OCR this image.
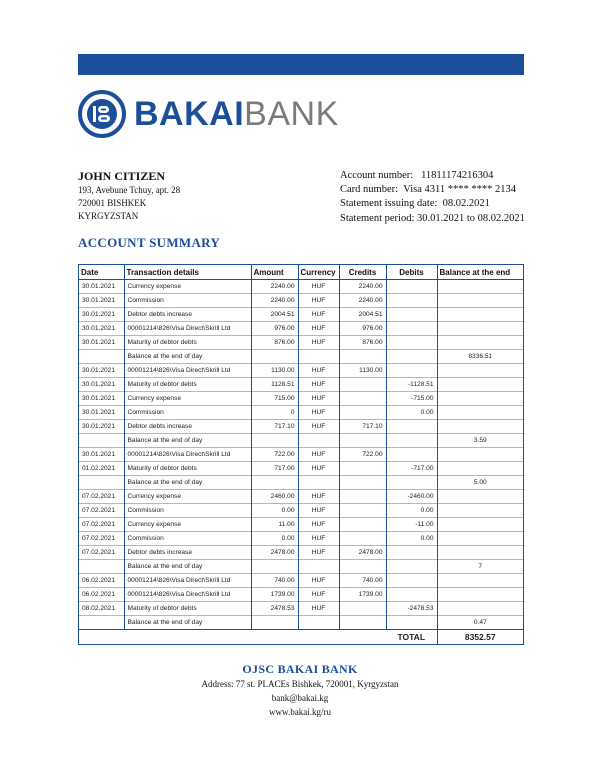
BAKAIBANK
JOHN CITIZEN
193, Avebune Tchuy, apt. 28
720001 BISHKEK
KYRGYZSTAN
Account number: 11811174216304
Card number: Visa 4311 **** **** 2134
Statement issuing date: 08.02.2021
Statement period: 30.01.2021 to 08.02.2021
ACCOUNT SUMMARY
Date	Transaction details	Amount	Currency	Credits	Debits	Balance at the end
30.01.2021	Currency expense	2240.00	HUF	2240.00		
30.01.2021	Commission	2240.00	HUF	2240.00		
30.01.2021	Debtor debts increase	2004.51	HUF	2004.51		
30.01.2021	00001214\826\Visa Direct\Skrill Ltd	976.00	HUF	976.00		
30.01.2021	Maturity of debtor debts	876.00	HUF	876.00		
	Balance at the end of day					8336.51
30.01.2021	00001214\826\Visa Direct\Skrill Ltd	1130.00	HUF	1130.00		
30.01.2021	Maturity of debtor debts	1128.51	HUF		-1128.51	
30.01.2021	Currency expense	715.00	HUF		-715.00	
30.01.2021	Commission	0	HUF		0.00	
30.01.2021	Debtor debts increase	717.10	HUF	717.10		
	Balance at the end of day					3.59
30.01.2021	00001214\826\Visa Direct\Skrill Ltd	722.00	HUF	722.00		
01.02.2021	Maturity of debtor debts	717.00	HUF		-717.00	
	Balance at the end of day					5.00
07.02.2021	Currency expense	2460.00	HUF		-2460.00	
07.02.2021	Commission	0.00	HUF		0.00	
07.02.2021	Currency expense	11.00	HUF		-11.00	
07.02.2021	Commission	0.00	HUF		0.00	
07.02.2021	Debtor debts increase	2478.00	HUF	2478.00		
	Balance at the end of day					7
06.02.2021	00001214\826\Visa Direct\Skrill Ltd	740.00	HUF	740.00		
06.02.2021	00001214\826\Visa Direct\Skrill Ltd	1739.00	HUF	1739.00		
08.02.2021	Maturity of debtor debts	2478.53	HUF		-2478.53	
	Balance at the end of day					0.47
					TOTAL	8352.57
OJSC BAKAI BANK
Address: 77 st. PLACEs Bishkek, 720001, Kyrgyzstan
bank@bakai.kg
www.bakai.kg/ru
